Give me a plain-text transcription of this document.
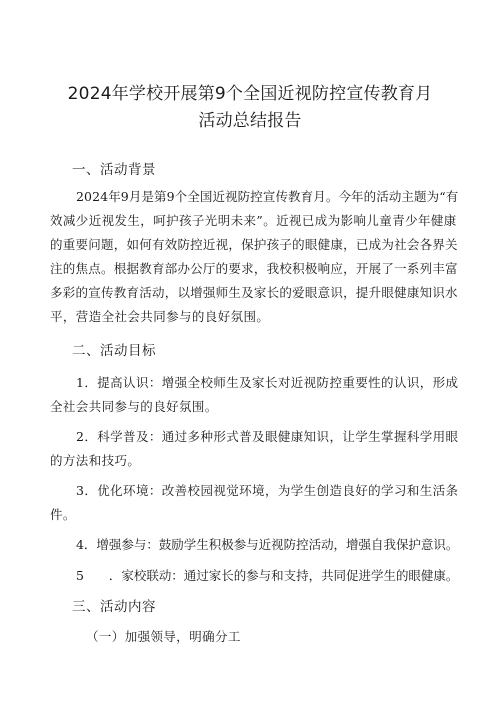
2024年学校开展第9个全国近视防控宣传教育月
活动总结报告
一、活动背景
2024年9月是第9个全国近视防控宣传教育月。今年的活动主题为“有
效减少近视发生，呵护孩子光明未来”。近视已成为影响儿童青少年健康
的重要问题，如何有效防控近视，保护孩子的眼健康，已成为社会各界关
注的焦点。根据教育部办公厅的要求，我校积极响应，开展了一系列丰富
多彩的宣传教育活动，以增强师生及家长的爱眼意识，提升眼健康知识水
平，营造全社会共同参与的良好氛围。
二、活动目标
1．提高认识：增强全校师生及家长对近视防控重要性的认识，形成
全社会共同参与的良好氛围。
2．科学普及：通过多种形式普及眼健康知识，让学生掌握科学用眼
的方法和技巧。
3．优化环境：改善校园视觉环境，为学生创造良好的学习和生活条
件。
4．增强参与：鼓励学生积极参与近视防控活动，增强自我保护意识。
5　　．家校联动：通过家长的参与和支持，共同促进学生的眼健康。
三、活动内容
（一）加强领导，明确分工
